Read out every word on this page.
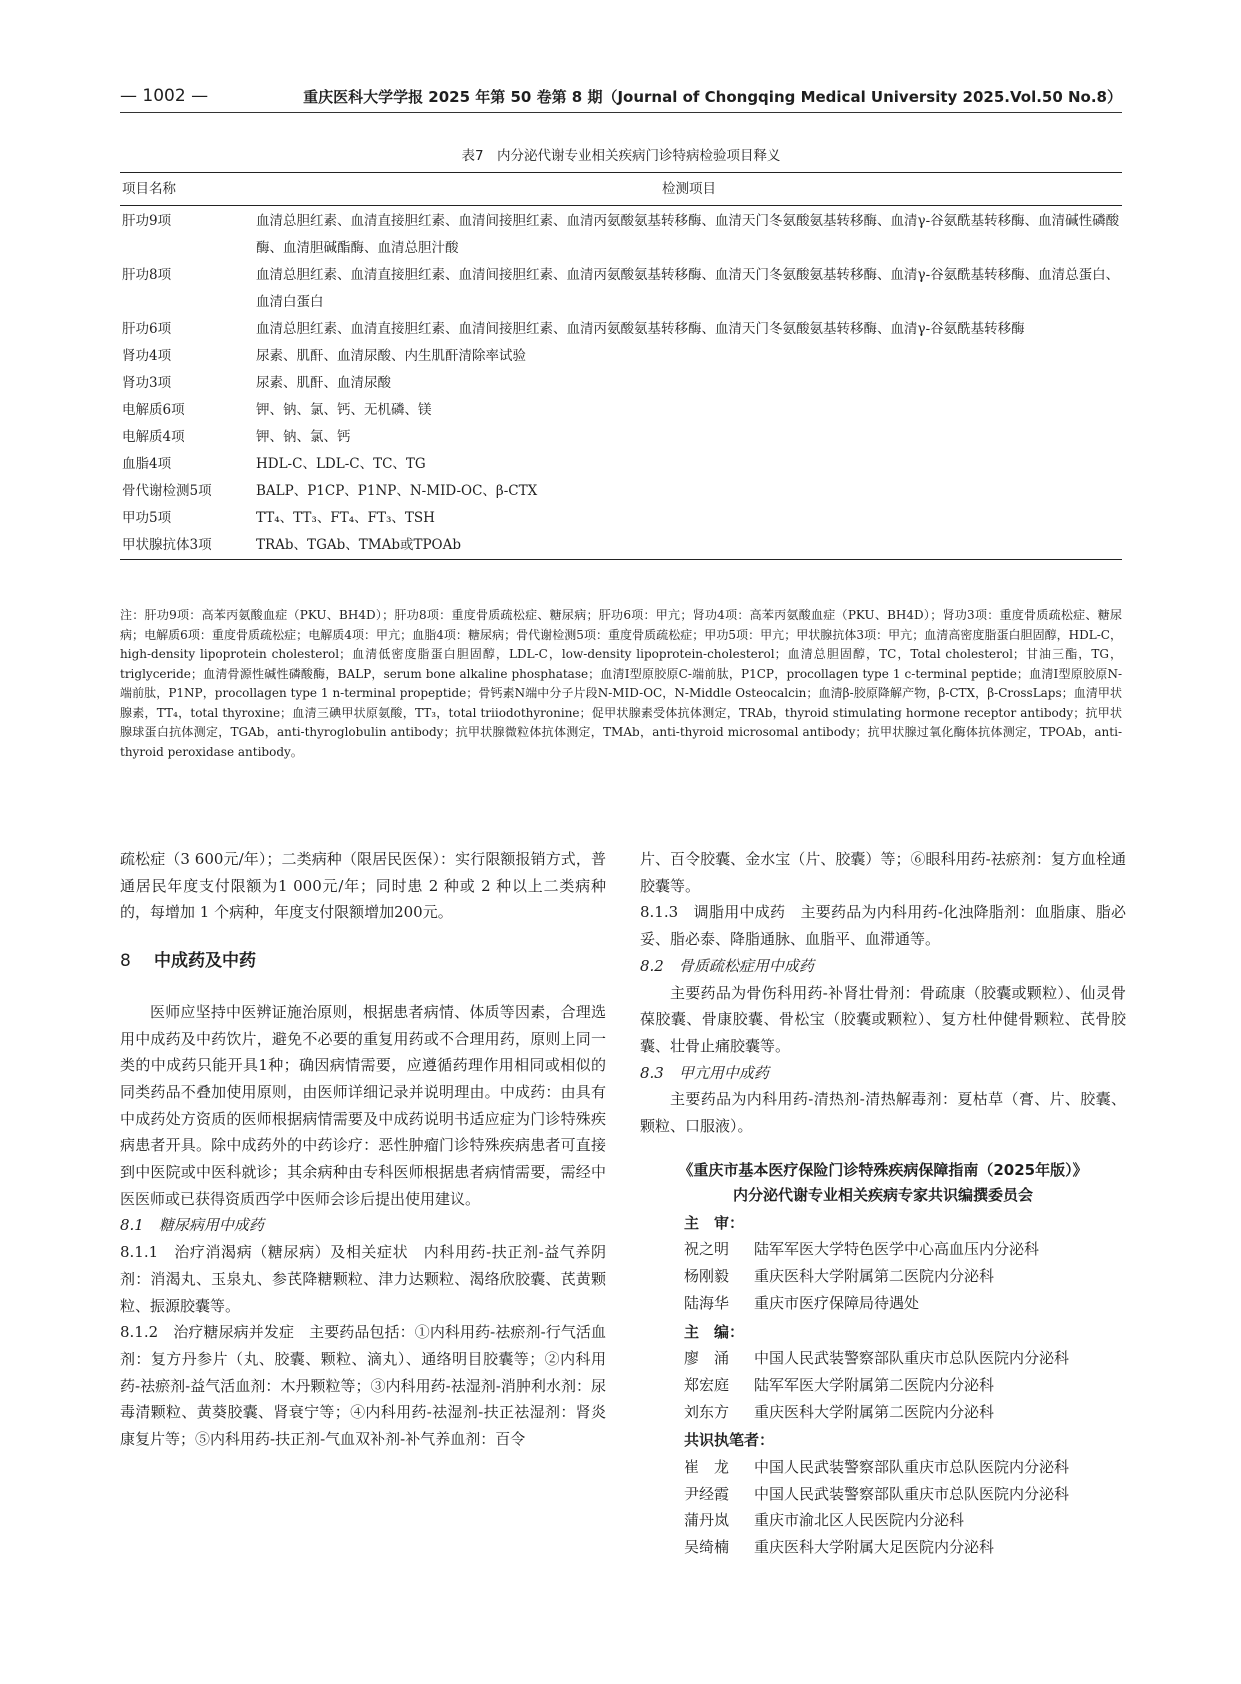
— 1002 —	重庆医科大学学报 2025 年第 50 卷第 8 期（Journal of Chongqing Medical University 2025.Vol.50 No.8）
表7　内分泌代谢专业相关疾病门诊特病检验项目释义
项目名称	检测项目
肝功9项	血清总胆红素、血清直接胆红素、血清间接胆红素、血清丙氨酸氨基转移酶、血清天门冬氨酸氨基转移酶、血清γ-谷氨酰基转移酶、血清碱性磷酸酶、血清胆碱酯酶、血清总胆汁酸
肝功8项	血清总胆红素、血清直接胆红素、血清间接胆红素、血清丙氨酸氨基转移酶、血清天门冬氨酸氨基转移酶、血清γ-谷氨酰基转移酶、血清总蛋白、血清白蛋白
肝功6项	血清总胆红素、血清直接胆红素、血清间接胆红素、血清丙氨酸氨基转移酶、血清天门冬氨酸氨基转移酶、血清γ-谷氨酰基转移酶
肾功4项	尿素、肌酐、血清尿酸、内生肌酐清除率试验
肾功3项	尿素、肌酐、血清尿酸
电解质6项	钾、钠、氯、钙、无机磷、镁
电解质4项	钾、钠、氯、钙
血脂4项	HDL-C、LDL-C、TC、TG
骨代谢检测5项	BALP、P1CP、P1NP、N-MID-OC、β-CTX
甲功5项	TT₄、TT₃、FT₄、FT₃、TSH
甲状腺抗体3项	TRAb、TGAb、TMAb或TPOAb
注：肝功9项：高苯丙氨酸血症（PKU、BH4D）；肝功8项：重度骨质疏松症、糖尿病；肝功6项：甲亢；肾功4项：高苯丙氨酸血症（PKU、BH4D）；肾功3项：重度骨质疏松症、糖尿病；电解质6项：重度骨质疏松症；电解质4项：甲亢；血脂4项：糖尿病；骨代谢检测5项：重度骨质疏松症；甲功5项：甲亢；甲状腺抗体3项：甲亢；血清高密度脂蛋白胆固醇，HDL-C，high-density lipoprotein cholesterol；血清低密度脂蛋白胆固醇，LDL-C，low-density lipoprotein-cholesterol；血清总胆固醇，TC，Total cholesterol；甘油三酯，TG，triglyceride；血清骨源性碱性磷酸酶，BALP，serum bone alkaline phosphatase；血清Ⅰ型原胶原C-端前肽，P1CP，procollagen type 1 c-terminal peptide；血清Ⅰ型原胶原N-端前肽，P1NP，procollagen type 1 n-terminal propeptide；骨钙素N端中分子片段N-MID-OC，N-Middle Osteocalcin；血清β-胶原降解产物，β-CTX，β-CrossLaps；血清甲状腺素，TT₄，total thyroxine；血清三碘甲状原氨酸，TT₃，total triiodothyronine；促甲状腺素受体抗体测定，TRAb，thyroid stimulating hormone receptor antibody；抗甲状腺球蛋白抗体测定，TGAb，anti-thyroglobulin antibody；抗甲状腺微粒体抗体测定，TMAb，anti-thyroid microsomal antibody；抗甲状腺过氧化酶体抗体测定，TPOAb，anti-thyroid peroxidase antibody。

疏松症（3 600元/年）；二类病种（限居民医保）：实行限额报销方式，普通居民年度支付限额为1 000元/年；同时患 2 种或 2 种以上二类病种的，每增加 1 个病种，年度支付限额增加200元。

8 中成药及中药

医师应坚持中医辨证施治原则，根据患者病情、体质等因素，合理选用中成药及中药饮片，避免不必要的重复用药或不合理用药，原则上同一类的中成药只能开具1种；确因病情需要，应遵循药理作用相同或相似的同类药品不叠加使用原则，由医师详细记录并说明理由。中成药：由具有中成药处方资质的医师根据病情需要及中成药说明书适应症为门诊特殊疾病患者开具。除中成药外的中药诊疗：恶性肿瘤门诊特殊疾病患者可直接到中医院或中医科就诊；其余病种由专科医师根据患者病情需要，需经中医医师或已获得资质西学中医师会诊后提出使用建议。

8.1　糖尿病用中成药

8.1.1　治疗消渴病（糖尿病）及相关症状　内科用药-扶正剂-益气养阴剂：消渴丸、玉泉丸、参芪降糖颗粒、津力达颗粒、渴络欣胶囊、芪黄颗粒、振源胶囊等。

8.1.2　治疗糖尿病并发症　主要药品包括：①内科用药-祛瘀剂-行气活血剂：复方丹参片（丸、胶囊、颗粒、滴丸）、通络明目胶囊等；②内科用药-祛瘀剂-益气活血剂：木丹颗粒等；③内科用药-祛湿剂-消肿利水剂：尿毒清颗粒、黄葵胶囊、肾衰宁等；④内科用药-祛湿剂-扶正祛湿剂：肾炎康复片等；⑤内科用药-扶正剂-气血双补剂-补气养血剂：百令

片、百令胶囊、金水宝（片、胶囊）等；⑥眼科用药-祛瘀剂：复方血栓通胶囊等。

8.1.3　调脂用中成药　主要药品为内科用药-化浊降脂剂：血脂康、脂必妥、脂必泰、降脂通脉、血脂平、血滞通等。

8.2　骨质疏松症用中成药

主要药品为骨伤科用药-补肾壮骨剂：骨疏康（胶囊或颗粒）、仙灵骨葆胶囊、骨康胶囊、骨松宝（胶囊或颗粒）、复方杜仲健骨颗粒、芪骨胶囊、壮骨止痛胶囊等。

8.3　甲亢用中成药

主要药品为内科用药-清热剂-清热解毒剂：夏枯草（膏、片、胶囊、颗粒、口服液）。

《重庆市基本医疗保险门诊特殊疾病保障指南（2025年版）》
内分泌代谢专业相关疾病专家共识编撰委员会

主　审：

祝之明 陆军军医大学特色医学中心高血压内分泌科

杨刚毅 重庆医科大学附属第二医院内分泌科

陆海华 重庆市医疗保障局待遇处

主　编：

廖　涌 中国人民武装警察部队重庆市总队医院内分泌科

郑宏庭 陆军军医大学附属第二医院内分泌科

刘东方 重庆医科大学附属第二医院内分泌科

共识执笔者：

崔　龙 中国人民武装警察部队重庆市总队医院内分泌科

尹经霞 中国人民武装警察部队重庆市总队医院内分泌科

蒲丹岚 重庆市渝北区人民医院内分泌科

吴绮楠 重庆医科大学附属大足医院内分泌科
